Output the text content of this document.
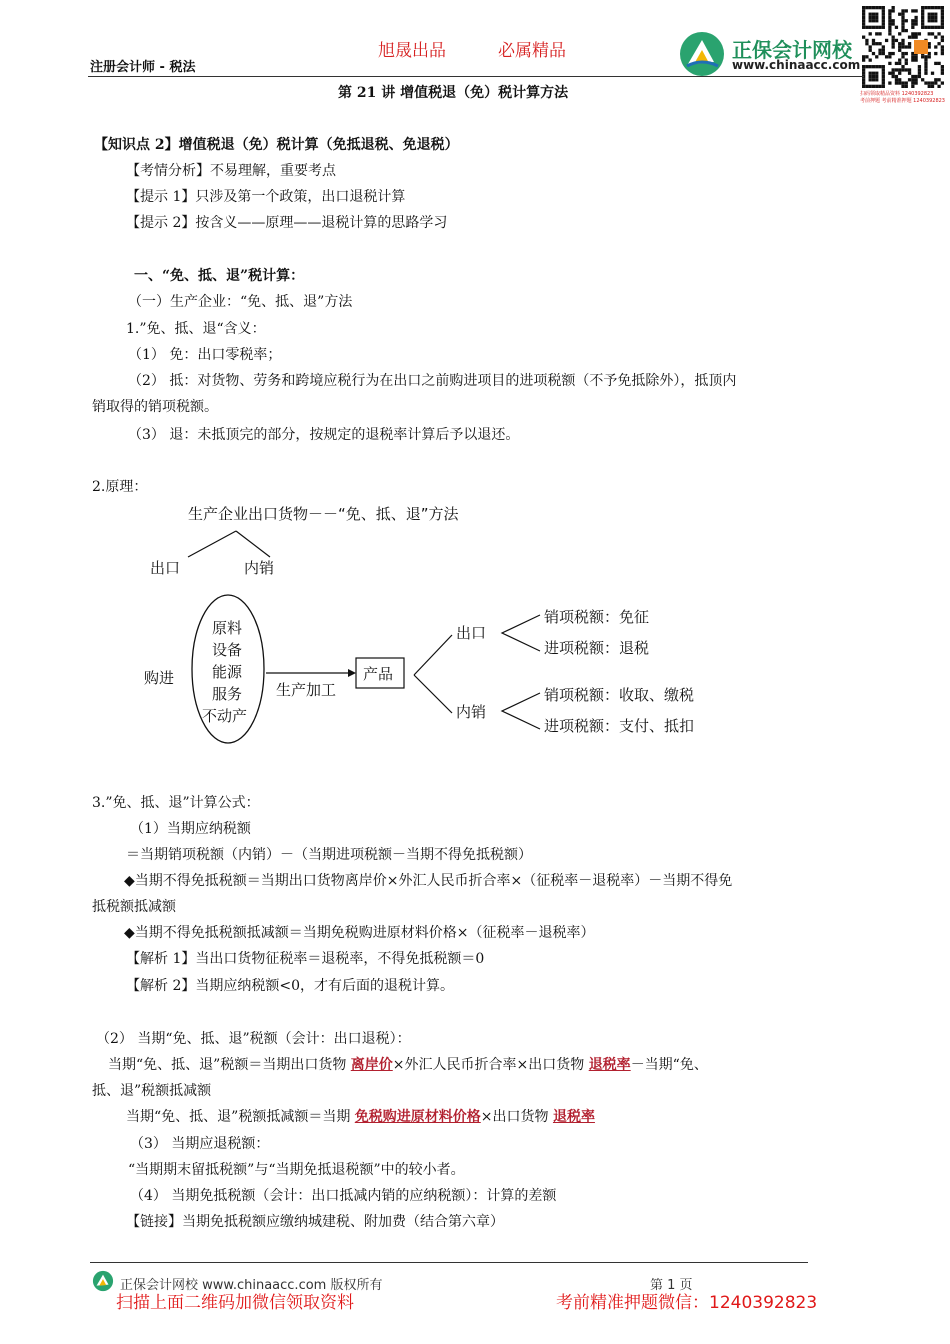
旭晟出品	必属精品
注册会计师 - 税法
正保会计网校
www.chinaacc.com
扫码领取精品资料 1240392823
考前押题 考前精准押题 1240392823
第 21 讲 增值税退（免）税计算方法
【知识点 2】增值税退（免）税计算（免抵退税、免退税）
【考情分析】不易理解，重要考点
【提示 1】只涉及第一个政策，出口退税计算
【提示 2】按含义——原理——退税计算的思路学习
一、“免、抵、退”税计算：
（一）生产企业：“免、抵、退”方法
1.”免、抵、退“含义：
（1） 免：出口零税率；
（2） 抵：对货物、劳务和跨境应税行为在出口之前购进项目的进项税额（不予免抵除外），抵顶内
销取得的销项税额。
（3） 退：未抵顶完的部分，按规定的退税率计算后予以退还。
2.原理：
生产企业出口货物－－“免、抵、退”方法
出口	内销
购进
原料
设备
能源
服务
不动产
生产加工
产品
出口
内销
销项税额：免征
进项税额：退税
销项税额：收取、缴税
进项税额：支付、抵扣
3.”免、抵、退”计算公式：
（1）当期应纳税额
＝当期销项税额（内销）－（当期进项税额－当期不得免抵税额）
◆当期不得免抵税额＝当期出口货物离岸价×外汇人民币折合率×（征税率－退税率）－当期不得免
抵税额抵减额
◆当期不得免抵税额抵减额＝当期免税购进原材料价格×（征税率－退税率）
【解析 1】当出口货物征税率＝退税率，不得免抵税额＝0
【解析 2】当期应纳税额<0，才有后面的退税计算。
（2） 当期“免、抵、退”税额（会计：出口退税）：
当期“免、抵、退”税额＝当期出口货物 离岸价×外汇人民币折合率×出口货物 退税率－当期“免、
抵、退”税额抵减额
当期“免、抵、退”税额抵减额＝当期 免税购进原材料价格×出口货物 退税率
（3） 当期应退税额：
“当期期末留抵税额”与“当期免抵退税额”中的较小者。
（4） 当期免抵税额（会计：出口抵减内销的应纳税额）：计算的差额
【链接】当期免抵税额应缴纳城建税、附加费（结合第六章）
正保会计网校 www.chinaacc.com 版权所有	第 1 页
扫描上面二维码加微信领取资料	考前精准押题微信：1240392823
